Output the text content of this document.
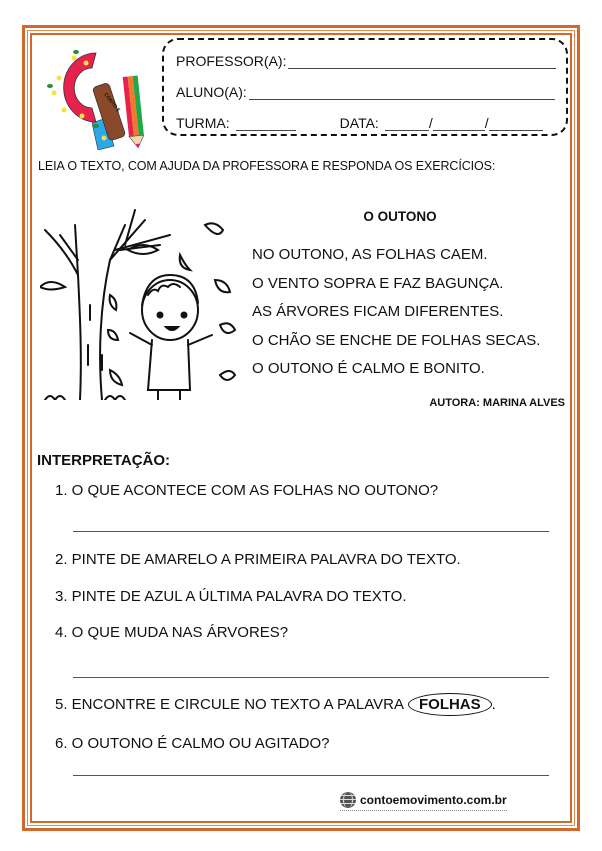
CONTO E
PROFESSOR(A):
ALUNO(A):
TURMA:	DATA:	/	/
LEIA O TEXTO, COM AJUDA DA PROFESSORA E RESPONDA OS EXERCÍCIOS:
O OUTONO
NO OUTONO, AS FOLHAS CAEM.
O VENTO SOPRA E FAZ BAGUNÇA.
AS ÁRVORES FICAM DIFERENTES.
O CHÃO SE ENCHE DE FOLHAS SECAS.
O OUTONO É CALMO E BONITO.
AUTORA: MARINA ALVES
INTERPRETAÇÃO:
1. O QUE ACONTECE COM AS FOLHAS NO OUTONO?
2. PINTE DE AMARELO A PRIMEIRA PALAVRA DO TEXTO.
3. PINTE DE AZUL A ÚLTIMA PALAVRA DO TEXTO.
4. O QUE MUDA NAS ÁRVORES?
5. ENCONTRE E CIRCULE NO TEXTO A PALAVRA FOLHAS .
6. O OUTONO É CALMO OU AGITADO?
contoemovimento.com.br
